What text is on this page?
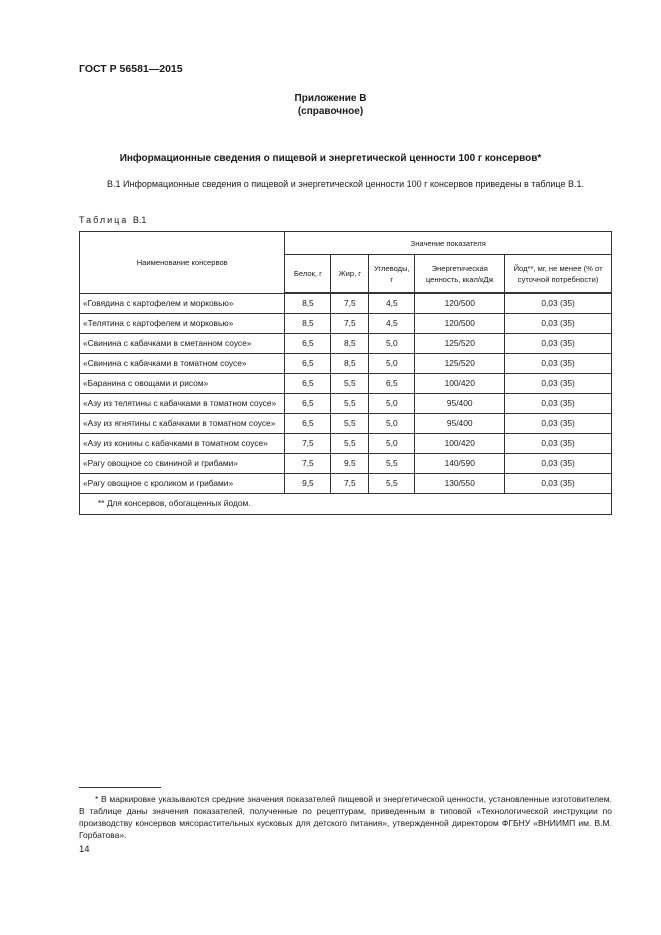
ГОСТ Р 56581—2015
Приложение В
(справочное)
Информационные сведения о пищевой и энергетической ценности 100 г консервов*
В.1 Информационные сведения о пищевой и энергетической ценности 100 г консервов приведены в таблице В.1.
Таблица В.1
Наименование консервов	Значение показателя				
	Белок, г	Жир, г	Углеводы, г	Энергетическая ценность, ккал/кДж	Йод**, мг, не менее (% от суточной потребности)
«Говядина с картофелем и морковью»	8,5	7,5	4,5	120/500	0,03 (35)
«Телятина с картофелем и морковью»	8,5	7,5	4,5	120/500	0,03 (35)
«Свинина с кабачками в сметанном соусе»	6,5	8,5	5,0	125/520	0,03 (35)
«Свинина с кабачками в томатном соусе»	6,5	8,5	5,0	125/520	0,03 (35)
«Баранина с овощами и рисом»	6,5	5,5	6,5	100/420	0,03 (35)
«Азу из телятины с кабачками в томатном соусе»	6,5	5,5	5,0	95/400	0,03 (35)
«Азу из ягнятины с кабачками в томатном соусе»	6,5	5,5	5,0	95/400	0,03 (35)
«Азу из конины с кабачками в томатном соусе»	7,5	5,5	5,0	100/420	0,03 (35)
«Рагу овощное со свининой и грибами»	7,5	9,5	5,5	140/590	0,03 (35)
«Рагу овощное с кроликом и грибами»	9,5	7,5	5,5	130/550	0,03 (35)
** Для консервов, обогащенных йодом.					
* В маркировке указываются средние значения показателей пищевой и энергетической ценности, установленные изготовителем. В таблице даны значения показателей, полученные по рецептурам, приведенным в типовой «Технологической инструкции по производству консервов мясорастительных кусковых для детского питания», утвержденной директором ФГБНУ «ВНИИМП им. В.М. Горбатова».
14
